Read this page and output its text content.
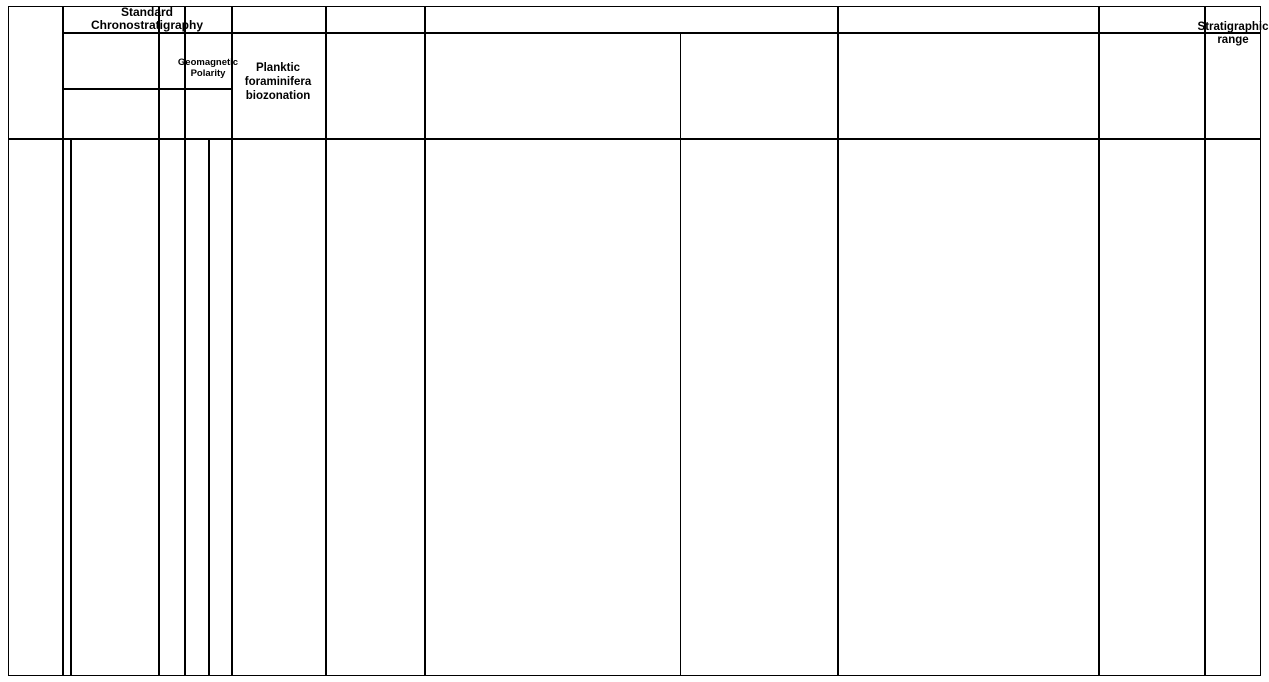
Standard
Chronostratigraphy
Geomagnetic
Polarity	Planktic
foraminifera
biozonation
Stratigraphic
range
